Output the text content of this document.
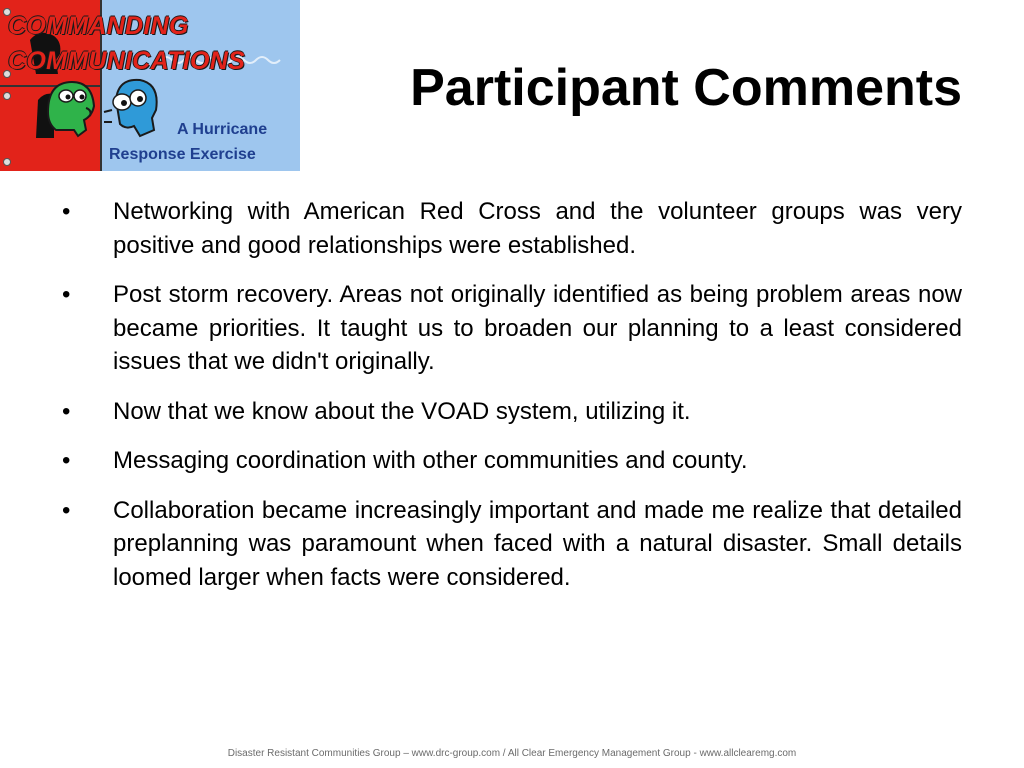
COMMANDING
COMMUNICATIONS
A Hurricane
Response Exercise
Participant Comments
•	Networking with American Red Cross and the volunteer groups was very positive and good relationships were established.
•	Post storm recovery. Areas not originally identified as being problem areas now became priorities. It taught us to broaden our planning to a least considered issues that we didn't originally.
•	Now that we know about the VOAD system, utilizing it.
•	Messaging coordination with other communities and county.
•	Collaboration became increasingly important and made me realize that detailed preplanning was paramount when faced with a natural disaster. Small details loomed larger when facts were considered.
Disaster Resistant Communities Group – www.drc-group.com / All Clear Emergency Management Group - www.allclearemg.com
